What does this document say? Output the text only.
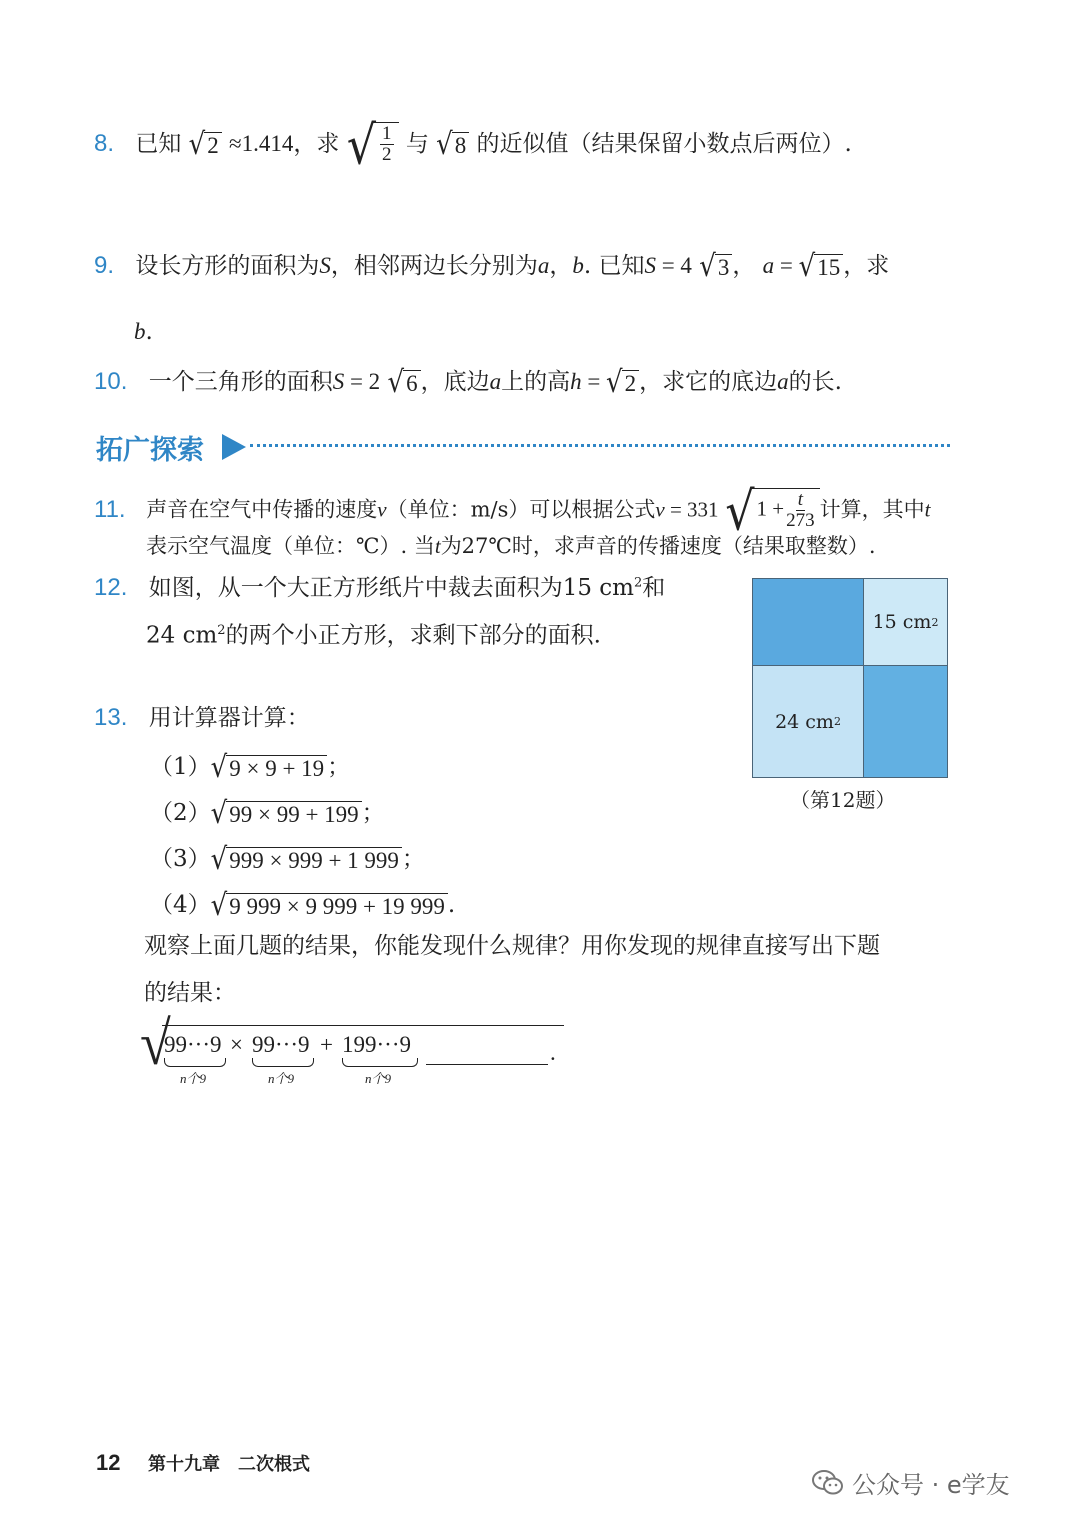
8. 已知 √ 2 ≈1.414，求 √ $\frac{1}{2}$ 与 √ 8 的近似值（结果保留小数点后两位）.
9. 设长方形的面积为S，相邻两边长分别为a，b. 已知S = 4 √ 3 ， a = √ 15 ，求
b.
10. 一个三角形的面积S = 2 √ 6 ，底边a上的高h = √ 2 ，求它的底边a的长.
拓广探索
11. 声音在空气中传播的速度v（单位：m/s）可以根据公式v = 331 √ $1 + \frac{t}{273}$ 计算，其中t
表示空气温度（单位：℃）. 当t为27℃时，求声音的传播速度（结果取整数）.
12. 如图，从一个大正方形纸片中裁去面积为15 $cm^2$和
24 $cm^2$的两个小正方形，求剩下部分的面积.
15 cm 2
24 cm 2
（第12题）
13. 用计算器计算：
（1） √ 9 × 9 + 19 ；
（2） √ 99 × 99 + 199 ；
（3） √ 999 × 999 + 1 999 ；
（4） √ 9 999 × 9 999 + 19 999 .
观察上面几题的结果，你能发现什么规律？用你发现的规律直接写出下题
的结果：
√
99···9 × 99···9 + 199···9
n个9	n个9	n个9
.
12 第十九章　二次根式
公众号 · e学友
